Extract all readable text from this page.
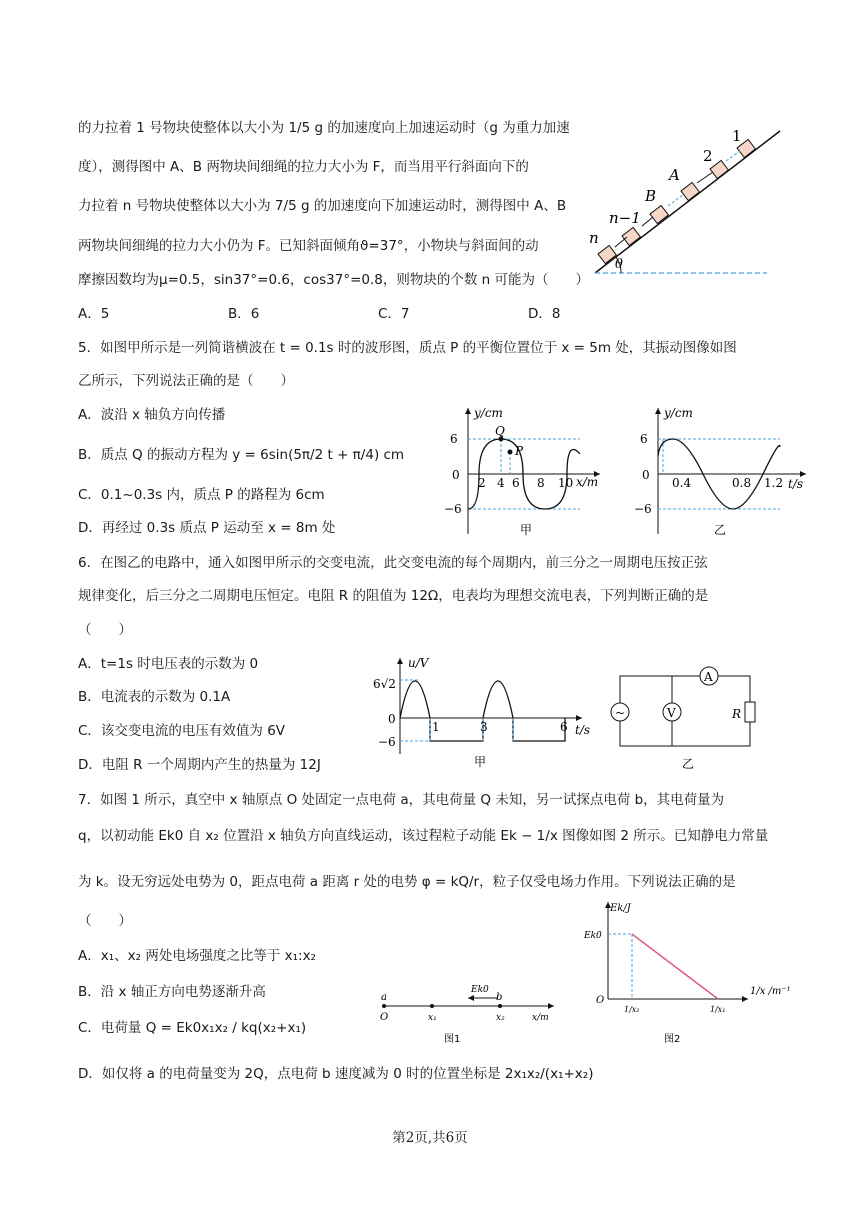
的力拉着 1 号物块使整体以大小为 1/5 g 的加速度向上加速运动时（g 为重力加速
度），测得图中 A、B 两物块间细绳的拉力大小为 F，而当用平行斜面向下的
力拉着 n 号物块使整体以大小为 7/5 g 的加速度向下加速运动时，测得图中 A、B
两物块间细绳的拉力大小仍为 F。已知斜面倾角ϑ=37°，小物块与斜面间的动
摩擦因数均为μ=0.5，sin37°=0.6，cos37°=0.8，则物块的个数 n 可能为（　　）
A．5	B．6	C．7	D．8
θ
1
2
A
B
n−1
n
5．如图甲所示是一列简谐横波在 t = 0.1s 时的波形图，质点 P 的平衡位置位于 x = 5m 处，其振动图像如图
乙所示，下列说法正确的是（　　）
A．波沿 x 轴负方向传播
B．质点 Q 的振动方程为 y = 6sin(5π/2 t + π/4) cm
C．0.1~0.3s 内，质点 P 的路程为 6cm
D．再经过 0.3s 质点 P 运动至 x = 8m 处
y/cm
x/m
Q
P
6
0
−6
2 4 6 8 10
甲
y/cm
t/s
6
0
−6
0.4	0.8 1.2
乙
6．在图乙的电路中，通入如图甲所示的交变电流，此交变电流的每个周期内，前三分之一周期电压按正弦
规律变化，后三分之二周期电压恒定。电阻 R 的阻值为 12Ω，电表均为理想交流电表，下列判断正确的是
（　　）
A．t=1s 时电压表的示数为 0
B．电流表的示数为 0.1A
C．该交变电流的电压有效值为 6V
D．电阻 R 一个周期内产生的热量为 12J
u/V
t/s
6√2
0
−6
1	3	6
甲
~	V
A
R
乙
7．如图 1 所示，真空中 x 轴原点 O 处固定一点电荷 a，其电荷量 Q 未知，另一试探点电荷 b，其电荷量为
q，以初动能 Ek0 自 x₂ 位置沿 x 轴负方向直线运动，该过程粒子动能 Ek − 1/x 图像如图 2 所示。已知静电力常量
为 k。设无穷远处电势为 0，距点电荷 a 距离 r 处的电势 φ = kQ/r，粒子仅受电场力作用。下列说法正确的是
（　　）
A．x₁、x₂ 两处电场强度之比等于 x₁:x₂
B．沿 x 轴正方向电势逐渐升高
C．电荷量 Q = Ek0x₁x₂ / kq(x₂+x₁)
D．如仅将 a 的电荷量变为 2Q，点电荷 b 速度减为 0 时的位置坐标是 2x₁x₂/(x₁+x₂)
a
O	x₁	x₂	x/m
Ek0
b
图1
Ek/J
1/x /m⁻¹
Ek0
O
1/x₂	1/x₁
图2
第2页,共6页
